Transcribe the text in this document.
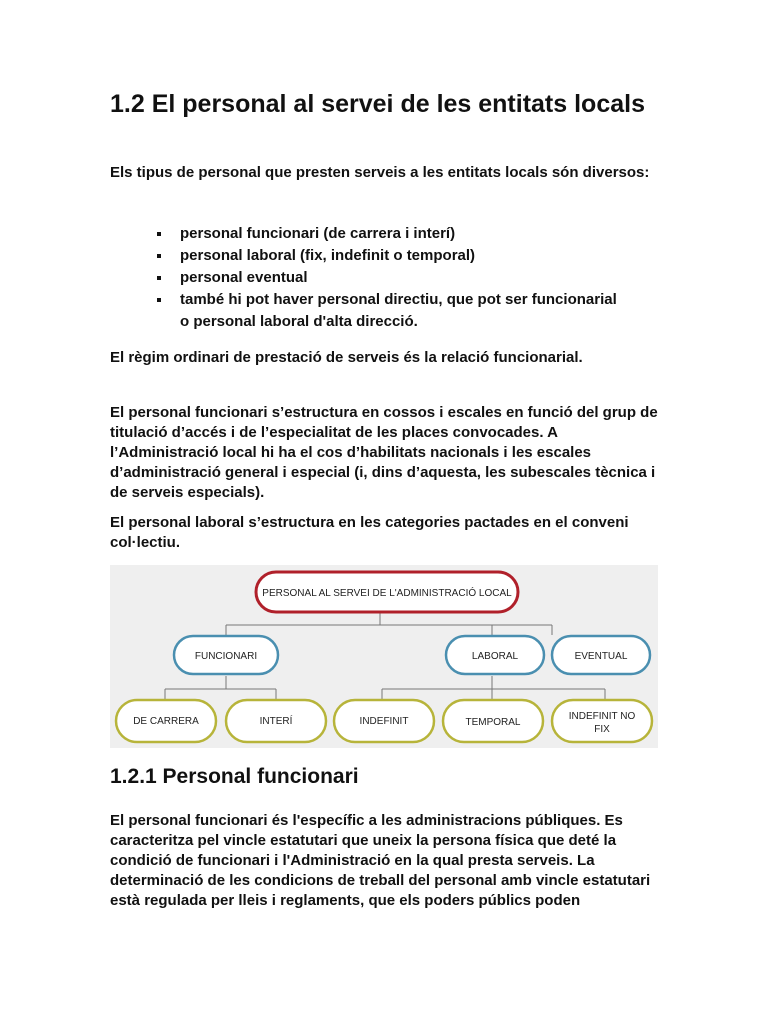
1.2 El personal al servei de les entitats locals

Els tipus de personal que presten serveis a les entitats locals són diversos:

personal funcionari (de carrera i interí)
personal laboral (fix, indefinit o temporal)
personal eventual
també hi pot haver personal directiu, que pot ser funcionarial o personal laboral d'alta direcció.

El règim ordinari de prestació de serveis és la relació funcionarial.

El personal funcionari s’estructura en cossos i escales en funció del grup de titulació d’accés i de l’especialitat de les places convocades. A l’Administració local hi ha el cos d’habilitats nacionals i les escales d’administració general i especial (i, dins d’aquesta, les subescales tècnica i de serveis especials).

El personal laboral s’estructura en les categories pactades en el conveni col·lectiu.

PERSONAL AL SERVEI DE L'ADMINISTRACIÓ LOCAL
FUNCIONARI	LABORAL	EVENTUAL
DE CARRERA	INTERÍ	INDEFINIT	TEMPORAL
INDEFINIT NO
FIX
1.2.1 Personal funcionari

El personal funcionari és l'específic a les administracions públiques. Es caracteritza pel vincle estatutari que uneix la persona física que deté la condició de funcionari i l'Administració en la qual presta serveis. La determinació de les condicions de treball del personal amb vincle estatutari està regulada per lleis i reglaments, que els poders públics poden
